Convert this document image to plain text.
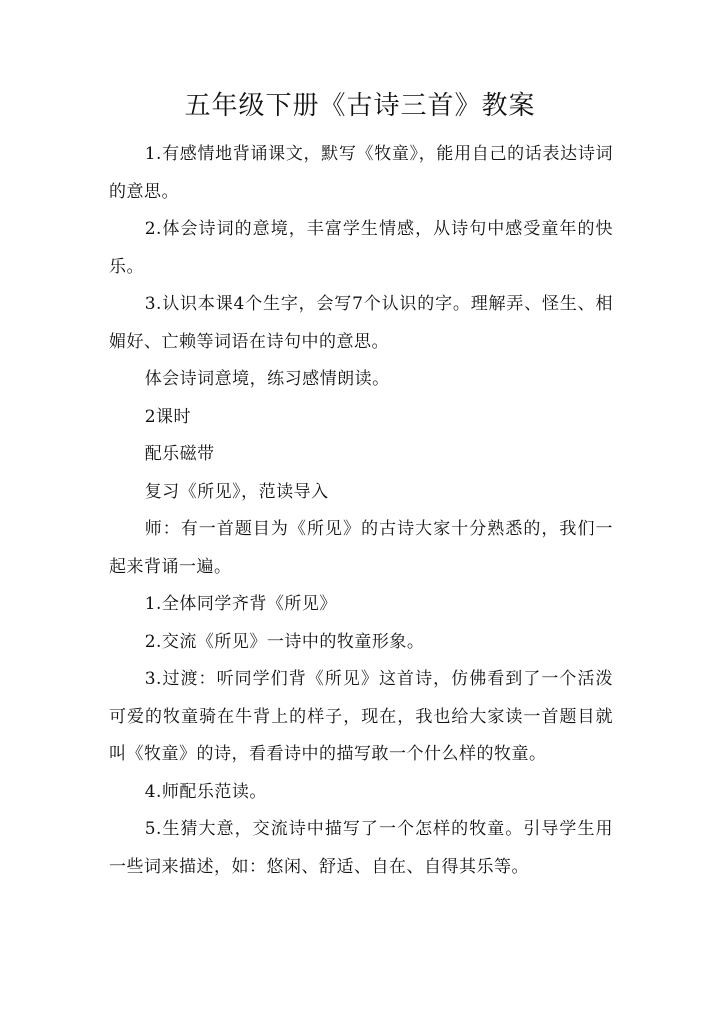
五年级下册《古诗三首》教案

1.有感情地背诵课文，默写《牧童》，能用自己的话表达诗词的意思。

2.体会诗词的意境，丰富学生情感，从诗句中感受童年的快乐。

3.认识本课4个生字，会写7个认识的字。理解弄、怪生、相媚好、亡赖等词语在诗句中的意思。

体会诗词意境，练习感情朗读。

2课时

配乐磁带

复习《所见》，范读导入

师：有一首题目为《所见》的古诗大家十分熟悉的，我们一起来背诵一遍。

1.全体同学齐背《所见》

2.交流《所见》一诗中的牧童形象。

3.过渡：听同学们背《所见》这首诗，仿佛看到了一个活泼可爱的牧童骑在牛背上的样子，现在，我也给大家读一首题目就叫《牧童》的诗，看看诗中的描写敢一个什么样的牧童。

4.师配乐范读。

5.生猜大意，交流诗中描写了一个怎样的牧童。引导学生用一些词来描述，如：悠闲、舒适、自在、自得其乐等。
